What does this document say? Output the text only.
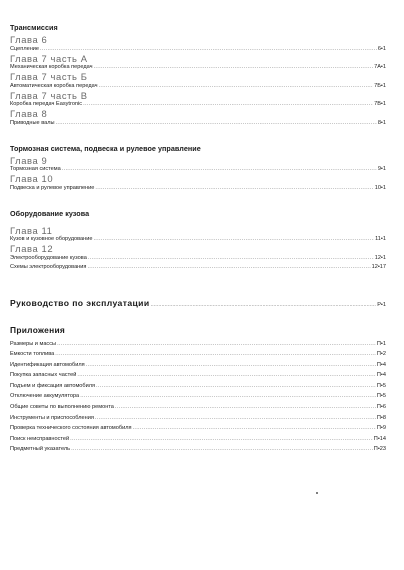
Трансмиссия
Глава 6
Сцепление .....	6•1
Глава 7 часть А
Механическая коробка передач .....	7А•1
Глава 7 часть Б
Автоматическая коробка передач .....	7Б•1
Глава 7 часть В
Коробка передач Easytronic .....	7В•1
Глава 8
Приводные валы .....	8•1
Тормозная система, подвеска и рулевое управление
Глава 9
Тормозная система .....	9•1
Глава 10
Подвеска и рулевое управление .....	10•1
Оборудование кузова
Глава 11
Кузов и кузовное оборудование .....	11•1
Глава 12
Электрооборудование кузова .....	12•1
Схемы электрооборудования .....	12•17
Руководство по эксплуатации .....	Р•1
Приложения
Размеры и массы .....	П•1
Емкости топлива .....	П•2
Идентификация автомобиля .....	П•4
Покупка запасных частей .....	П•4
Подъем и фиксация автомобиля .....	П•5
Отключение аккумулятора .....	П•5
Общие советы по выполнению ремонта .....	П•6
Инструменты и приспособления .....	П•8
Проверка технического состояния автомобиля .....	П•9
Поиск неисправностей .....	П•14
Предметный указатель .....	П•23
